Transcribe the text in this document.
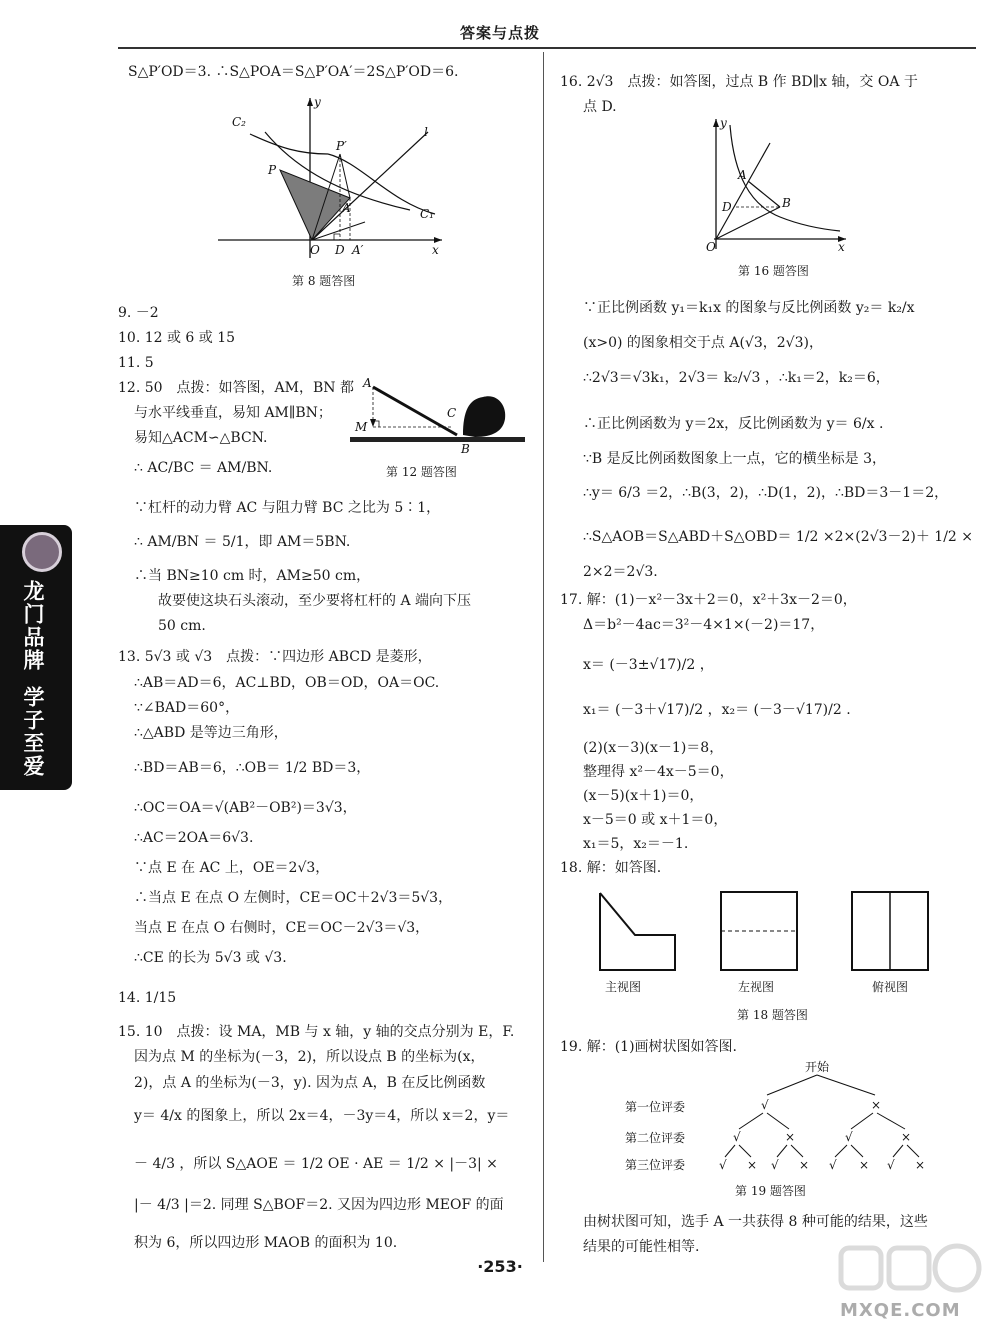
答案与点拨
龙门品牌
学子至爱
S△P′OD＝3. ∴S△POA＝S△P′OA′＝2S△P′OD＝6.
y
C₂
P′
l
P
A	C₁
O D A′	x
第 8 题答图
9. －2
10. 12 或 6 或 15
11. 5
12. 50　点拨：如答图，AM，BN 都
与水平线垂直，易知 AM∥BN；
易知△ACM∽△BCN.
∴ AC/BC ＝ AM/BN.
A
M
C
B
第 12 题答图
∵杠杆的动力臂 AC 与阻力臂 BC 之比为 5∶1，
∴ AM/BN ＝ 5/1，即 AM＝5BN.
∴当 BN≥10 cm 时，AM≥50 cm，
故要使这块石头滚动，至少要将杠杆的 A 端向下压
50 cm.
13. 5√3 或 √3　点拨：∵四边形 ABCD 是菱形，
∴AB＝AD＝6，AC⊥BD，OB＝OD，OA＝OC.
∵∠BAD＝60°，
∴△ABD 是等边三角形，
∴BD＝AB＝6，∴OB＝ 1/2 BD＝3，
∴OC＝OA＝√(AB²－OB²)＝3√3，
∴AC＝2OA＝6√3.
∵点 E 在 AC 上，OE＝2√3，
∴当点 E 在点 O 左侧时，CE＝OC＋2√3＝5√3，
当点 E 在点 O 右侧时，CE＝OC－2√3＝√3，
∴CE 的长为 5√3 或 √3.
14. 1/15
15. 10　点拨：设 MA，MB 与 x 轴，y 轴的交点分别为 E，F.
因为点 M 的坐标为(－3，2)，所以设点 B 的坐标为(x，
2)，点 A 的坐标为(－3，y). 因为点 A，B 在反比例函数
y＝ 4/x 的图象上，所以 2x＝4，－3y＝4，所以 x＝2，y＝
－ 4/3 ，所以 S△AOE ＝ 1/2 OE · AE ＝ 1/2 × |－3| ×
|－ 4/3 |＝2. 同理 S△BOF＝2. 又因为四边形 MEOF 的面
积为 6，所以四边形 MAOB 的面积为 10.
16. 2√3　点拨：如答图，过点 B 作 BD∥x 轴，交 OA 于
点 D.
y
A
D	B
O	x
第 16 题答图
∵正比例函数 y₁＝k₁x 的图象与反比例函数 y₂＝ k₂/x
(x>0) 的图象相交于点 A(√3，2√3)，
∴2√3＝√3k₁，2√3＝ k₂/√3 ，∴k₁＝2，k₂＝6，
∴正比例函数为 y＝2x，反比例函数为 y＝ 6/x .
∵B 是反比例函数图象上一点，它的横坐标是 3，
∴y＝ 6/3 ＝2，∴B(3，2)，∴D(1，2)，∴BD＝3－1＝2，
∴S△AOB＝S△ABD＋S△OBD＝ 1/2 ×2×(2√3－2)＋ 1/2 ×
2×2＝2√3.
17. 解：(1)－x²－3x＋2＝0，x²＋3x－2＝0，
Δ＝b²－4ac＝3²－4×1×(－2)＝17，
x＝ (－3±√17)/2 ，
x₁＝ (－3＋√17)/2 ，x₂＝ (－3－√17)/2 .
(2)(x－3)(x－1)＝8，
整理得 x²－4x－5＝0，
(x－5)(x＋1)＝0，
x－5＝0 或 x＋1＝0，
x₁＝5，x₂＝－1.
18. 解：如答图.
主视图	左视图	俯视图
第 18 题答图
19. 解：(1)画树状图如答图.
开始
第一位评委
第二位评委
第三位评委
√	×
√	×	√	×
√ × √ × √ × √ ×
第 19 题答图
由树状图可知，选手 A 一共获得 8 种可能的结果，这些
结果的可能性相等.
·253·
MXQE.COM
